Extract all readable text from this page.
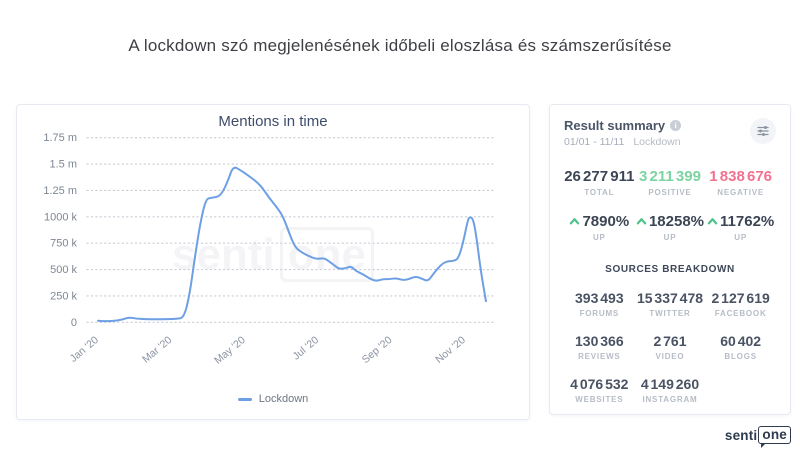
A lockdown szó megjelenésének időbeli eloszlása és számszerűsítése
Mentions in time
senti one
1.75 m
1.5 m
1.25 m
1000 k
750 k
500 k
250 k
0
Jan '20	Mar '20	May '20	Jul '20	Sep '20	Nov '20
Lockdown
Result summary	i
01/01 - 11/11 Lockdown
26 277 911
TOTAL
3 211 399
POSITIVE
1 838 676
NEGATIVE
7890%
UP
18258%
UP
11762%
UP
SOURCES BREAKDOWN
393 493
FORUMS
15 337 478
TWITTER
2 127 619
FACEBOOK
130 366
REVIEWS
2 761
VIDEO
60 402
BLOGS
4 076 532
WEBSITES
4 149 260
INSTAGRAM
senti one
